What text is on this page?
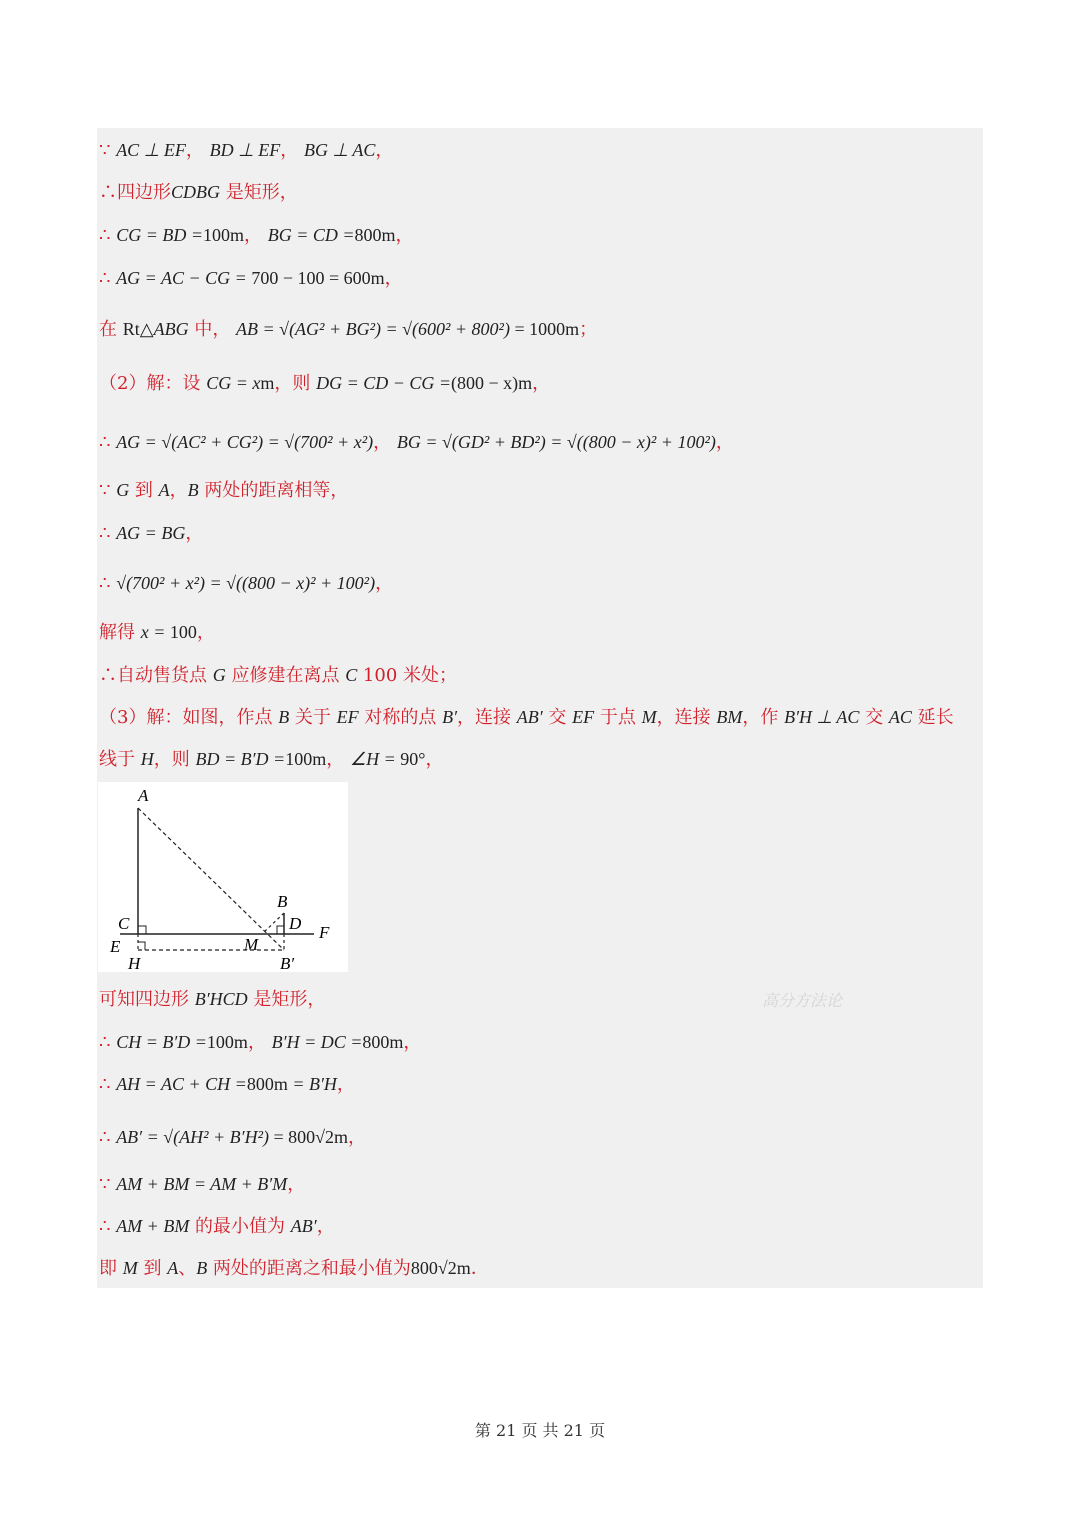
∵ AC ⊥ EF， BD ⊥ EF， BG ⊥ AC，
∴四边形CDBG 是矩形，
∴ CG = BD =100m， BG = CD =800m，
∴ AG = AC − CG = 700 − 100 = 600m，
在 Rt△ABG 中， AB = √(AG² + BG²) = √(600² + 800²) = 1000m；
（2）解：设 CG = xm，则 DG = CD − CG =(800 − x)m，
∴ AG = √(AC² + CG²) = √(700² + x²)， BG = √(GD² + BD²) = √((800 − x)² + 100²)，
∵ G 到 A，B 两处的距离相等，
∴ AG = BG，
∴ √(700² + x²) = √((800 − x)² + 100²)，
解得 x = 100，
∴自动售货点 G 应修建在离点 C 100 米处；
（3）解：如图，作点 B 关于 EF 对称的点 B′，连接 AB′ 交 EF 于点 M，连接 BM，作 B′H ⊥ AC 交 AC 延长
线于 H，则 BD = B′D =100m， ∠H = 90°，
可知四边形 B′HCD 是矩形，
∴ CH = B′D =100m， B′H = DC =800m，
∴ AH = AC + CH =800m = B′H，
∴ AB′ = √(AH² + B′H²) = 800√2m，
∵ AM + BM = AM + B′M，
∴ AM + BM 的最小值为 AB′，
即 M 到 A、B 两处的距离之和最小值为800√2m．
A
B
C	D
E
F
H
M
B′
高分方法论
第 21 页 共 21 页
